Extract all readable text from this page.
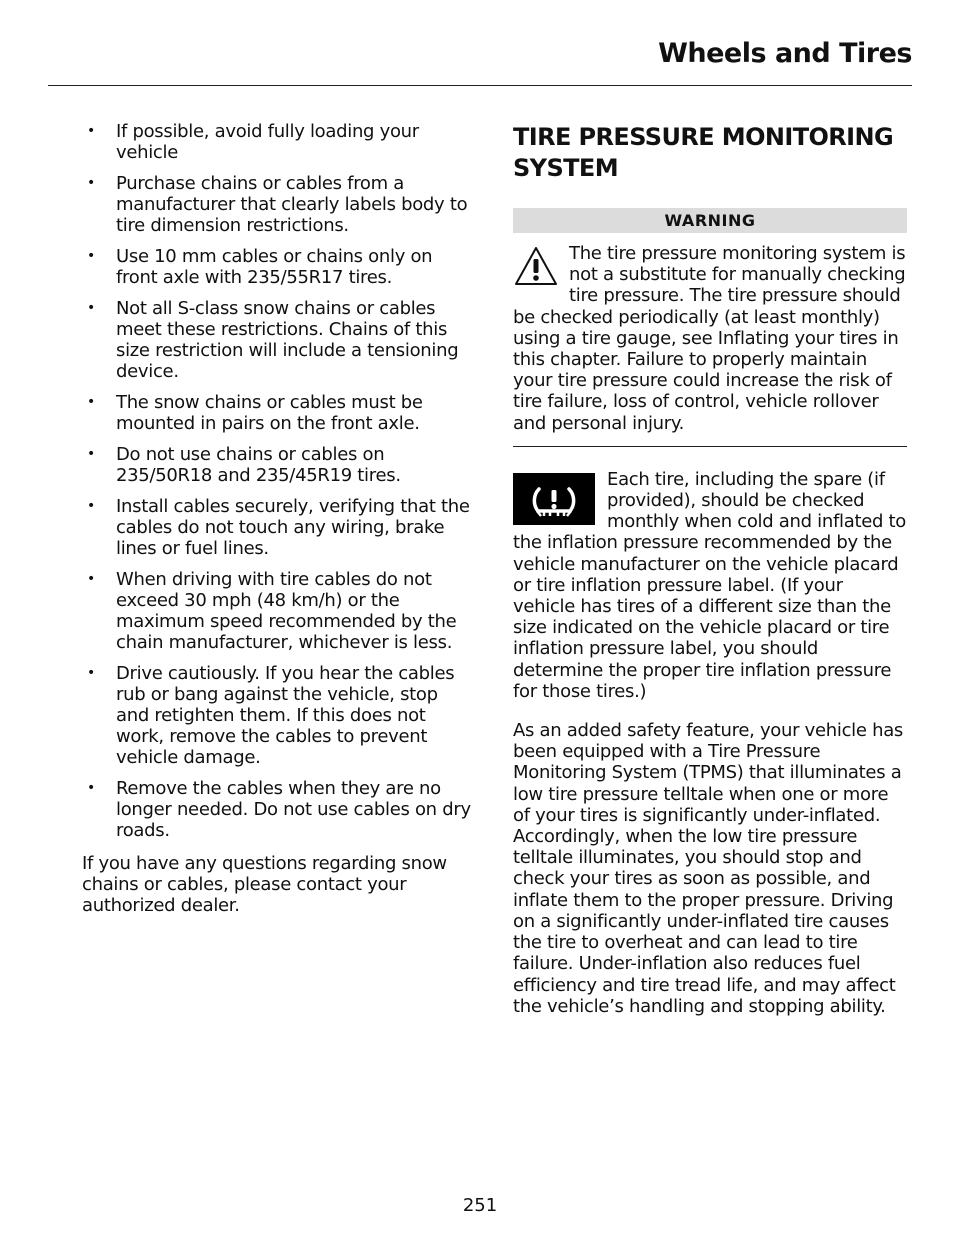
Wheels and Tires
• If possible, avoid fully loading your vehicle
• Purchase chains or cables from a manufacturer that clearly labels body to tire dimension restrictions.
• Use 10 mm cables or chains only on front axle with 235/55R17 tires.
• Not all S-class snow chains or cables meet these restrictions. Chains of this size restriction will include a tensioning device.
• The snow chains or cables must be mounted in pairs on the front axle.
• Do not use chains or cables on 235/50R18 and 235/45R19 tires.
• Install cables securely, verifying that the cables do not touch any wiring, brake lines or fuel lines.
• When driving with tire cables do not exceed 30 mph (48 km/h) or the maximum speed recommended by the chain manufacturer, whichever is less.
• Drive cautiously. If you hear the cables rub or bang against the vehicle, stop and retighten them. If this does not work, remove the cables to prevent vehicle damage.
• Remove the cables when they are no longer needed. Do not use cables on dry roads.

If you have any questions regarding snow chains or cables, please contact your authorized dealer.

TIRE PRESSURE MONITORING SYSTEM
WARNING

The tire pressure monitoring system is not a substitute for manually checking tire pressure. The tire pressure should be checked periodically (at least monthly) using a tire gauge, see Inflating your tires in this chapter. Failure to properly maintain your tire pressure could increase the risk of tire failure, loss of control, vehicle rollover and personal injury.

Each tire, including the spare (if provided), should be checked monthly when cold and inflated to the inflation pressure recommended by the vehicle manufacturer on the vehicle placard or tire inflation pressure label. (If your vehicle has tires of a different size than the size indicated on the vehicle placard or tire inflation pressure label, you should determine the proper tire inflation pressure for those tires.)

As an added safety feature, your vehicle has been equipped with a Tire Pressure Monitoring System (TPMS) that illuminates a low tire pressure telltale when one or more of your tires is significantly under-inflated. Accordingly, when the low tire pressure telltale illuminates, you should stop and check your tires as soon as possible, and inflate them to the proper pressure. Driving on a significantly under-inflated tire causes the tire to overheat and can lead to tire failure. Under-inflation also reduces fuel efficiency and tire tread life, and may affect the vehicle’s handling and stopping ability.

251
